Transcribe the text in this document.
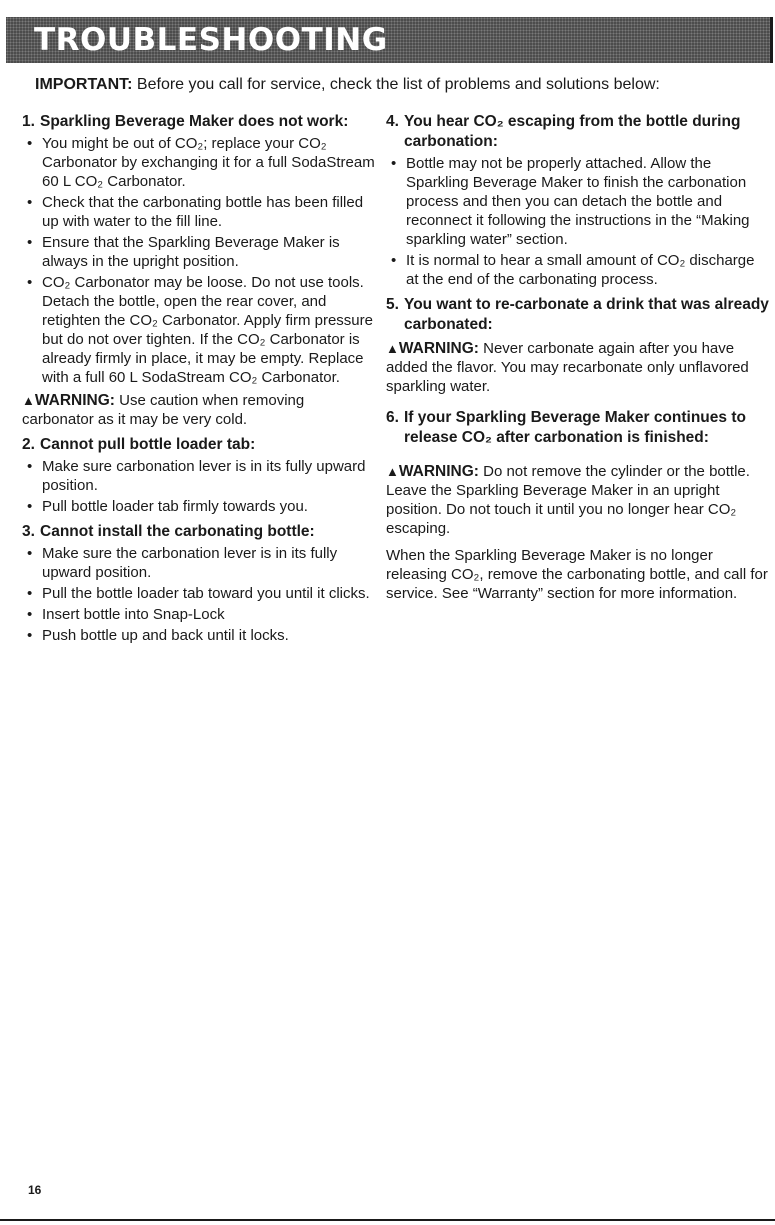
TROUBLESHOOTING
IMPORTANT: Before you call for service, check the list of problems and solutions below:
1. Sparkling Beverage Maker does not work:
• You might be out of CO₂; replace your CO₂ Carbonator by exchanging it for a full SodaStream 60 L CO₂ Carbonator.
• Check that the carbonating bottle has been filled up with water to the fill line.
• Ensure that the Sparkling Beverage Maker is always in the upright position.
• CO₂ Carbonator may be loose. Do not use tools. Detach the bottle, open the rear cover, and retighten the CO₂ Carbonator. Apply firm pressure but do not over tighten. If the CO₂ Carbonator is already firmly in place, it may be empty. Replace with a full 60 L SodaStream CO₂ Carbonator.
▲WARNING: Use caution when removing carbonator as it may be very cold.
2. Cannot pull bottle loader tab:
• Make sure carbonation lever is in its fully upward position.
• Pull bottle loader tab firmly towards you.
3. Cannot install the carbonating bottle:
• Make sure the carbonation lever is in its fully upward position.
• Pull the bottle loader tab toward you until it clicks.
• Insert bottle into Snap-Lock
• Push bottle up and back until it locks.
4. You hear CO₂ escaping from the bottle during carbonation:
• Bottle may not be properly attached. Allow the Sparkling Beverage Maker to finish the carbonation process and then you can detach the bottle and reconnect it following the instructions in the “Making sparkling water” section.
• It is normal to hear a small amount of CO₂ discharge at the end of the carbonating process.
5. You want to re-carbonate a drink that was already carbonated:
▲WARNING: Never carbonate again after you have added the flavor. You may recarbonate only unflavored sparkling water.
6. If your Sparkling Beverage Maker continues to release CO₂ after carbonation is finished:
▲WARNING: Do not remove the cylinder or the bottle. Leave the Sparkling Beverage Maker in an upright position. Do not touch it until you no longer hear CO₂ escaping.
When the Sparkling Beverage Maker is no longer releasing CO₂, remove the carbonating bottle, and call for service. See “Warranty” section for more information.
16
